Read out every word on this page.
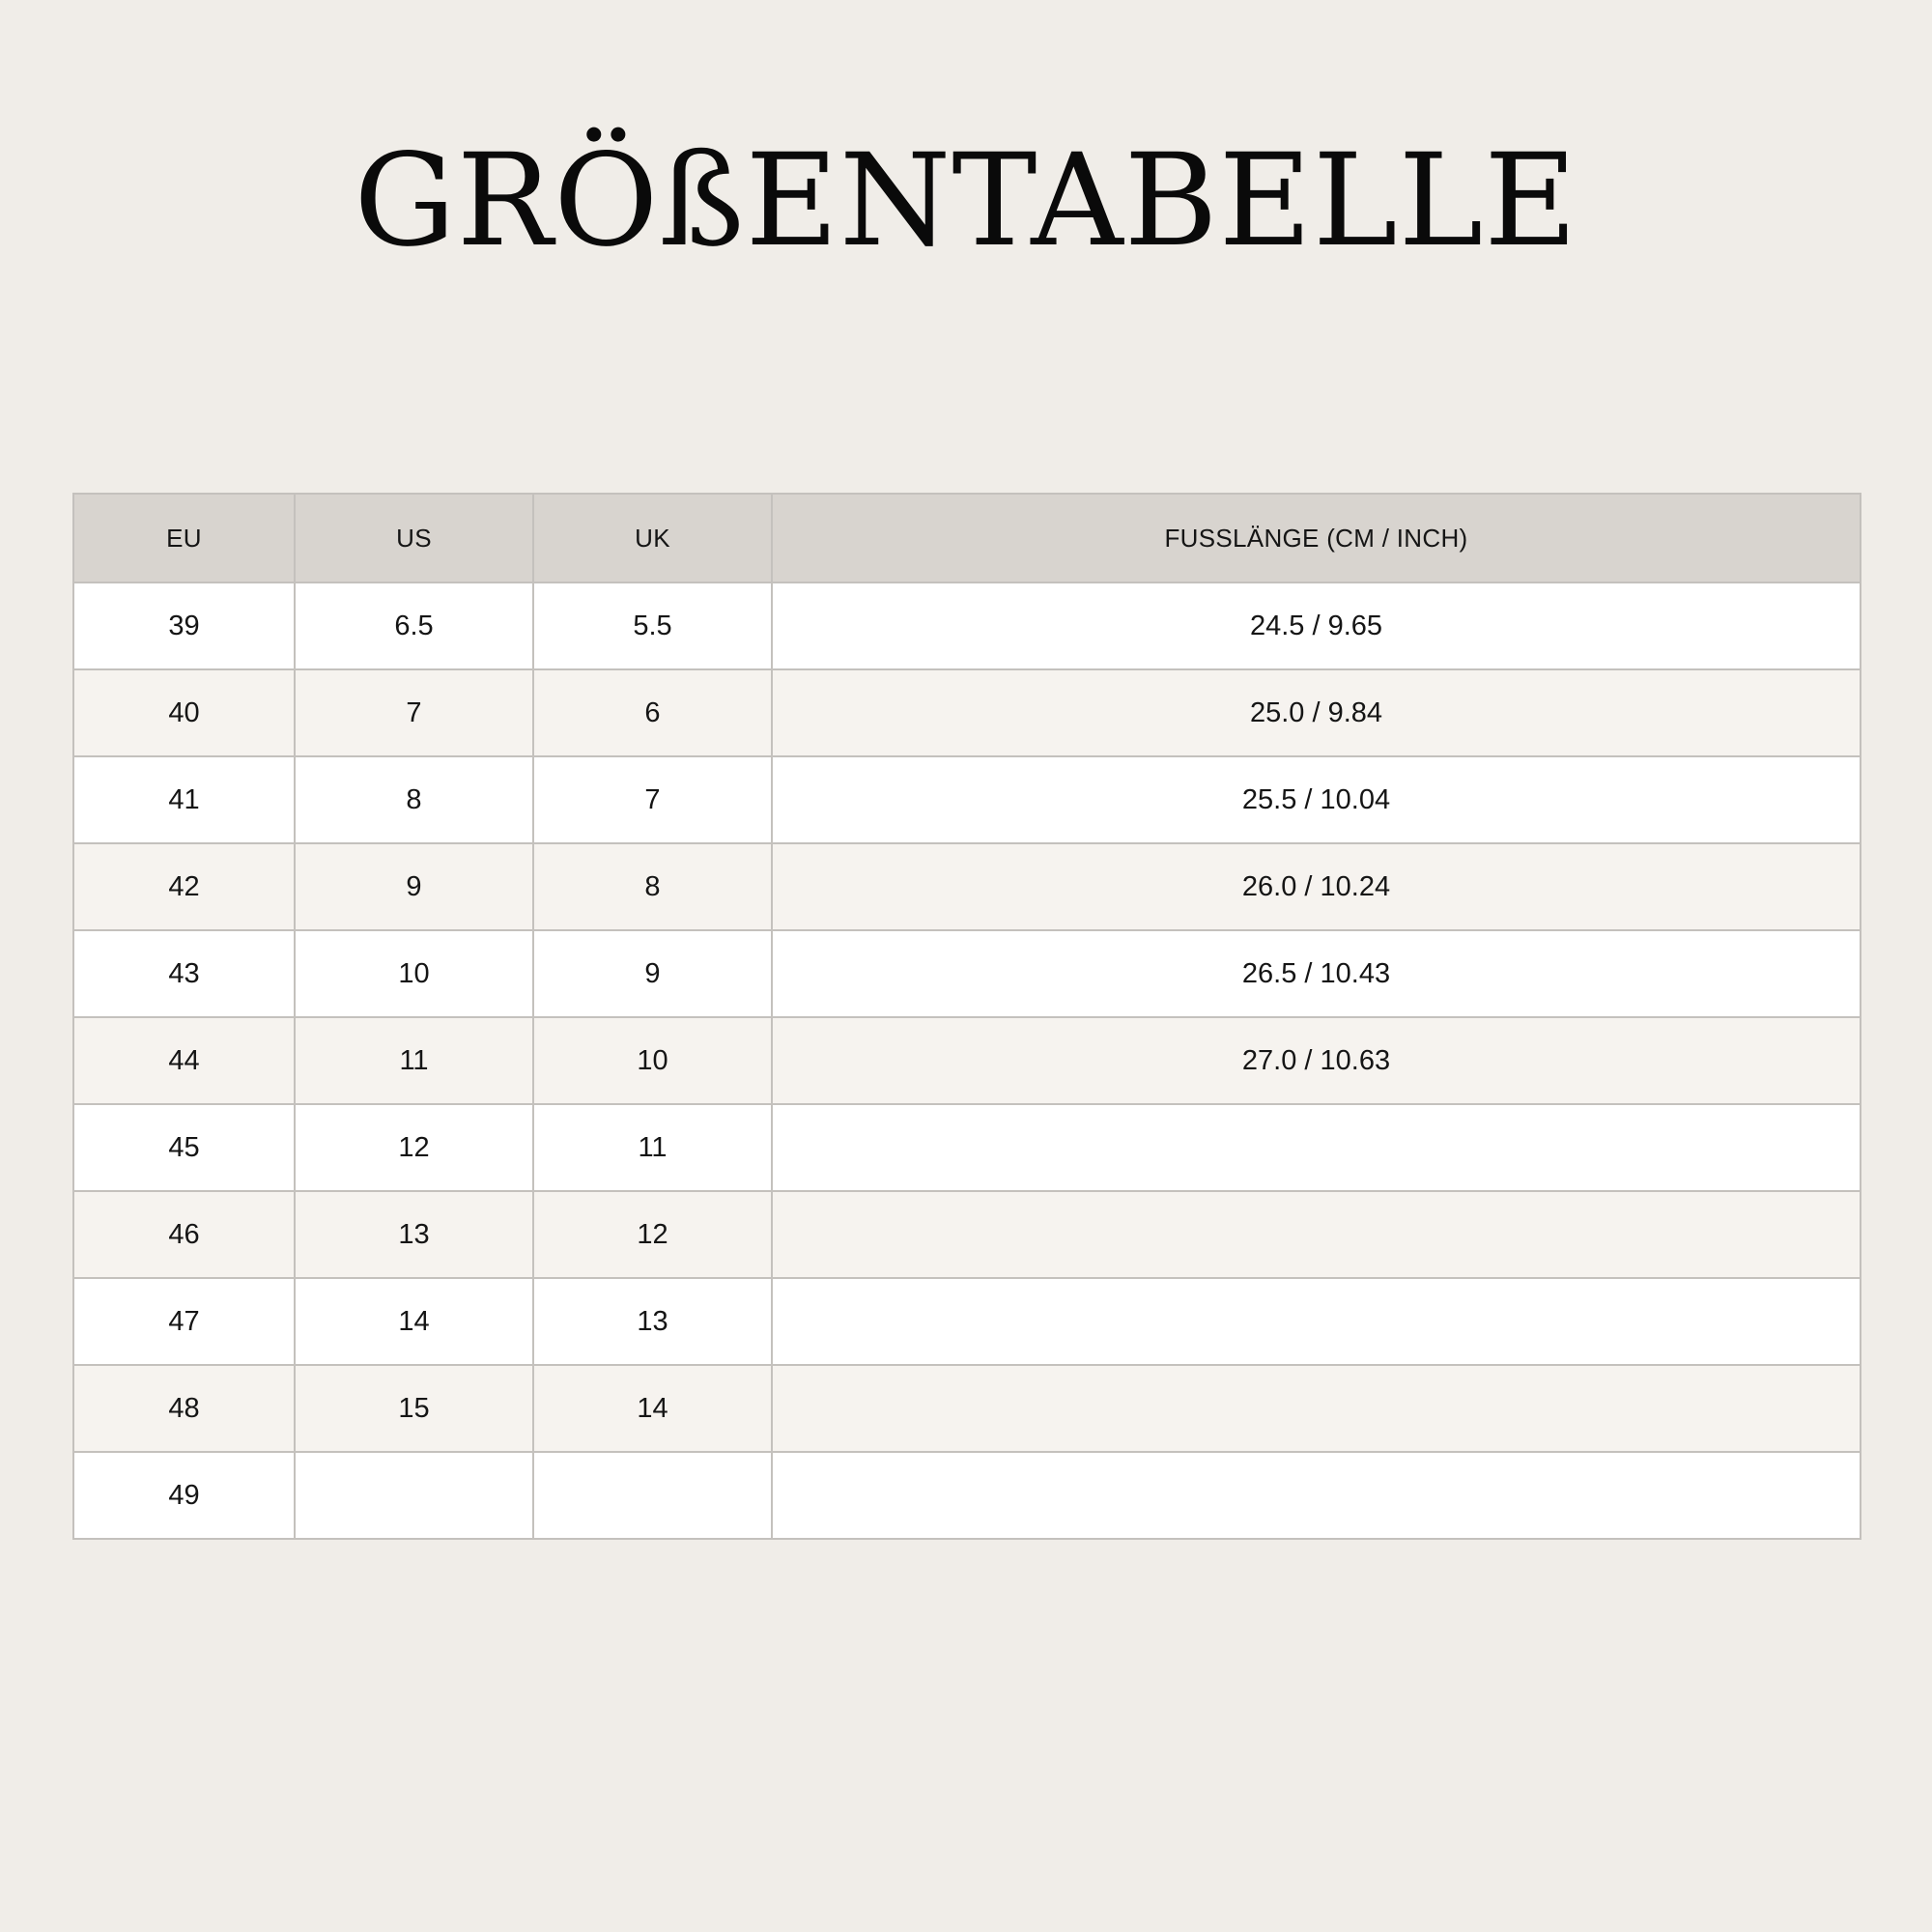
GRÖßENTABELLE
EU	US	UK	FUSSLÄNGE (CM / INCH)
39	6.5	5.5	24.5 / 9.65
40	7	6	25.0 / 9.84
41	8	7	25.5 / 10.04
42	9	8	26.0 / 10.24
43	10	9	26.5 / 10.43
44	11	10	27.0 / 10.63
45	12	11	
46	13	12	
47	14	13	
48	15	14	
49			
